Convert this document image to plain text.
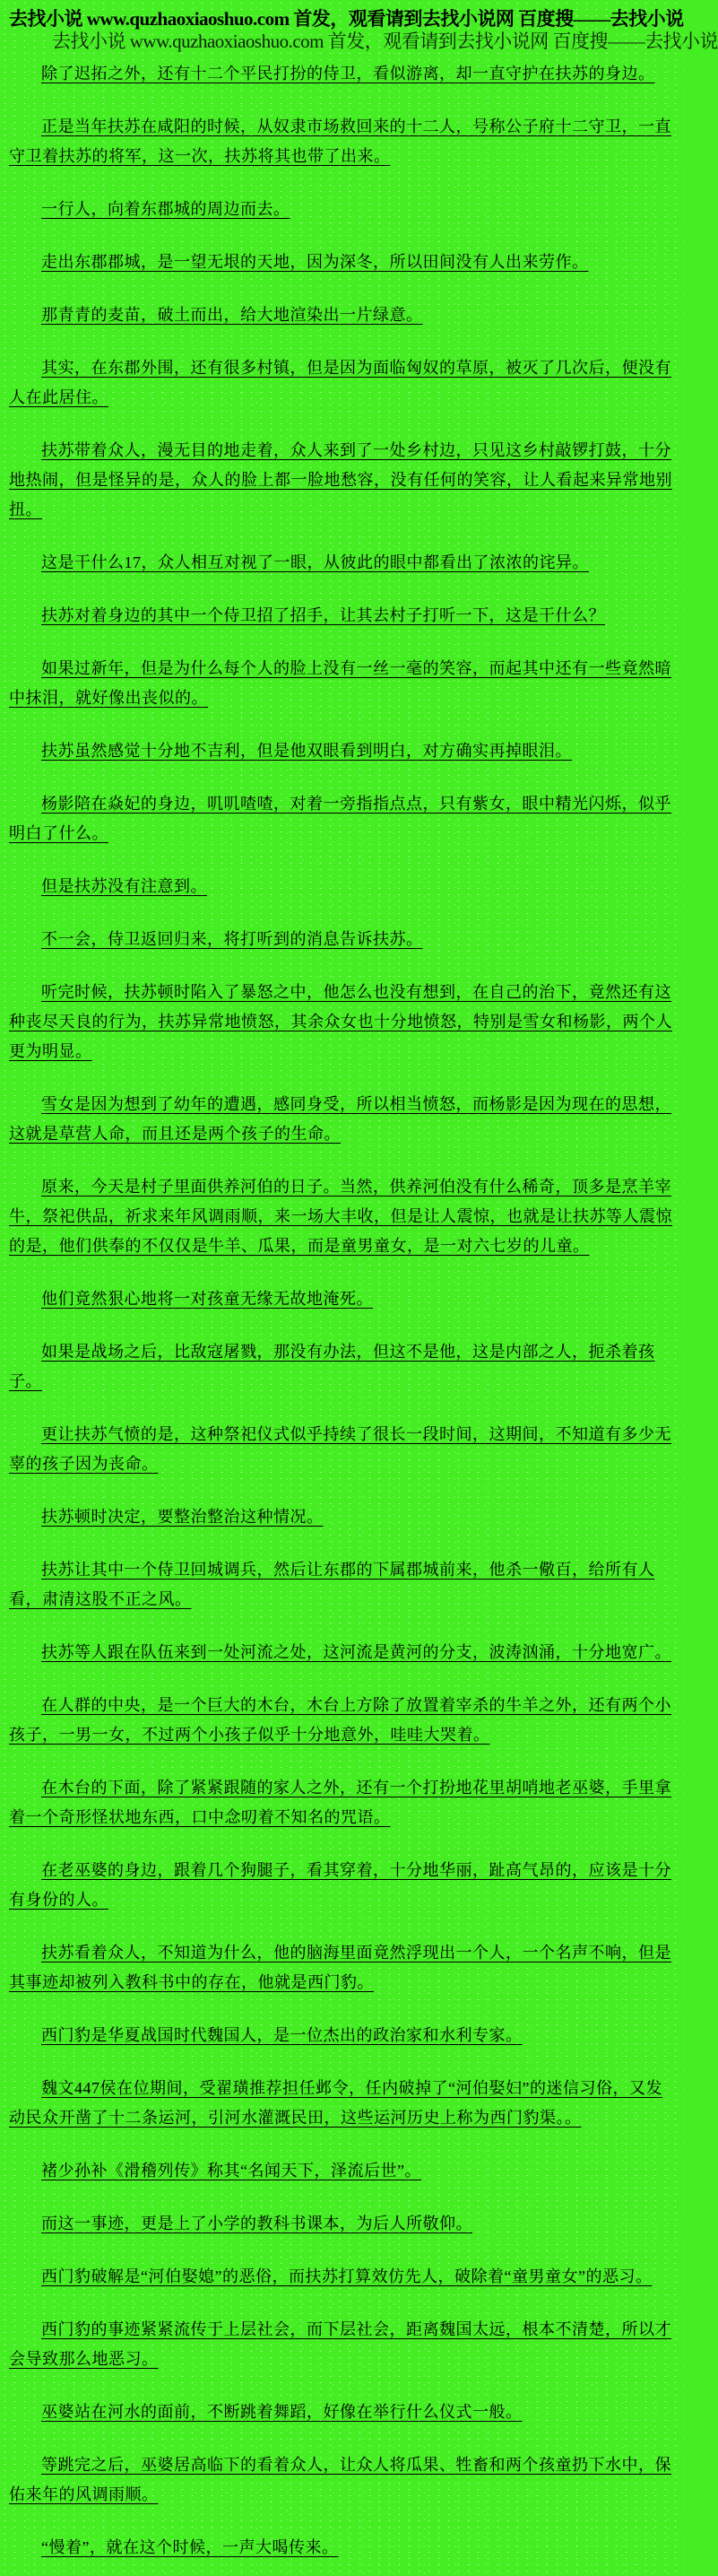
去找小说 www.quzhaoxiaoshuo.com 首发，观看请到去找小说网 百度搜——去找小说
去找小说 www.quzhaoxiaoshuo.com 首发，观看请到去找小说网 百度搜——去找小说

除了迟拓之外，还有十二个平民打扮的侍卫，看似游离，却一直守护在扶苏的身边。

正是当年扶苏在咸阳的时候，从奴隶市场救回来的十二人，号称公子府十二守卫，一直守卫着扶苏的将军，这一次，扶苏将其也带了出来。

一行人，向着东郡城的周边而去。

走出东郡郡城，是一望无垠的天地，因为深冬，所以田间没有人出来劳作。

那青青的麦苗，破土而出，给大地渲染出一片绿意。

其实，在东郡外围，还有很多村镇，但是因为面临匈奴的草原，被灭了几次后，便没有人在此居住。

扶苏带着众人，漫无目的地走着，众人来到了一处乡村边，只见这乡村敲锣打鼓，十分地热闹，但是怪异的是，众人的脸上都一脸地愁容，没有任何的笑容，让人看起来异常地别扭。

这是干什么17，众人相互对视了一眼，从彼此的眼中都看出了浓浓的诧异。

扶苏对着身边的其中一个侍卫招了招手，让其去村子打听一下，这是干什么？

如果过新年，但是为什么每个人的脸上没有一丝一毫的笑容，而起其中还有一些竟然暗中抹泪，就好像出丧似的。

扶苏虽然感觉十分地不吉利，但是他双眼看到明白，对方确实再掉眼泪。

杨影陪在焱妃的身边，叽叽喳喳，对着一旁指指点点，只有紫女，眼中精光闪烁，似乎明白了什么。

但是扶苏没有注意到。

不一会，侍卫返回归来，将打听到的消息告诉扶苏。

听完时候，扶苏顿时陷入了暴怒之中，他怎么也没有想到，在自己的治下，竟然还有这种丧尽天良的行为，扶苏异常地愤怒，其余众女也十分地愤怒，特别是雪女和杨影，两个人更为明显。

雪女是因为想到了幼年的遭遇，感同身受，所以相当愤怒，而杨影是因为现在的思想，这就是草营人命，而且还是两个孩子的生命。

原来，今天是村子里面供养河伯的日子。当然，供养河伯没有什么稀奇，顶多是烹羊宰牛，祭祀供品，祈求来年风调雨顺，来一场大丰收，但是让人震惊，也就是让扶苏等人震惊的是，他们供奉的不仅仅是牛羊、瓜果，而是童男童女，是一对六七岁的儿童。

他们竟然狠心地将一对孩童无缘无故地淹死。

如果是战场之后，比敌寇屠戮，那没有办法，但这不是他，这是内部之人，扼杀着孩子。

更让扶苏气愤的是，这种祭祀仪式似乎持续了很长一段时间，这期间，不知道有多少无辜的孩子因为丧命。

扶苏顿时决定，要整治整治这种情况。

扶苏让其中一个侍卫回城调兵，然后让东郡的下属郡城前来，他杀一儆百，给所有人看，肃清这股不正之风。

扶苏等人跟在队伍来到一处河流之处，这河流是黄河的分支，波涛汹涌，十分地宽广。

在人群的中央，是一个巨大的木台，木台上方除了放置着宰杀的牛羊之外，还有两个小孩子，一男一女，不过两个小孩子似乎十分地意外，哇哇大哭着。

在木台的下面，除了紧紧跟随的家人之外，还有一个打扮地花里胡哨地老巫婆，手里拿着一个奇形怪状地东西，口中念叨着不知名的咒语。

在老巫婆的身边，跟着几个狗腿子，看其穿着，十分地华丽，趾高气昂的，应该是十分有身份的人。

扶苏看着众人，不知道为什么，他的脑海里面竟然浮现出一个人，一个名声不响，但是其事迹却被列入教科书中的存在，他就是西门豹。

西门豹是华夏战国时代魏国人，是一位杰出的政治家和水利专家。

魏文447侯在位期间，受翟璜推荐担任邺令，任内破掉了“河伯娶妇”的迷信习俗，又发动民众开凿了十二条运河，引河水灌溉民田，这些运河历史上称为西门豹渠。。

褚少孙补《滑稽列传》称其“名闻天下，泽流后世”。

而这一事迹，更是上了小学的教科书课本，为后人所敬仰。

西门豹破解是“河伯娶媳”的恶俗，而扶苏打算效仿先人，破除着“童男童女”的恶习。

西门豹的事迹紧紧流传于上层社会，而下层社会，距离魏国太远，根本不清楚，所以才会导致那么地恶习。

巫婆站在河水的面前，不断跳着舞蹈，好像在举行什么仪式一般。

等跳完之后，巫婆居高临下的看着众人，让众人将瓜果、牲畜和两个孩童扔下水中，保佑来年的风调雨顺。

“慢着”，就在这个时候，一声大喝传来。
